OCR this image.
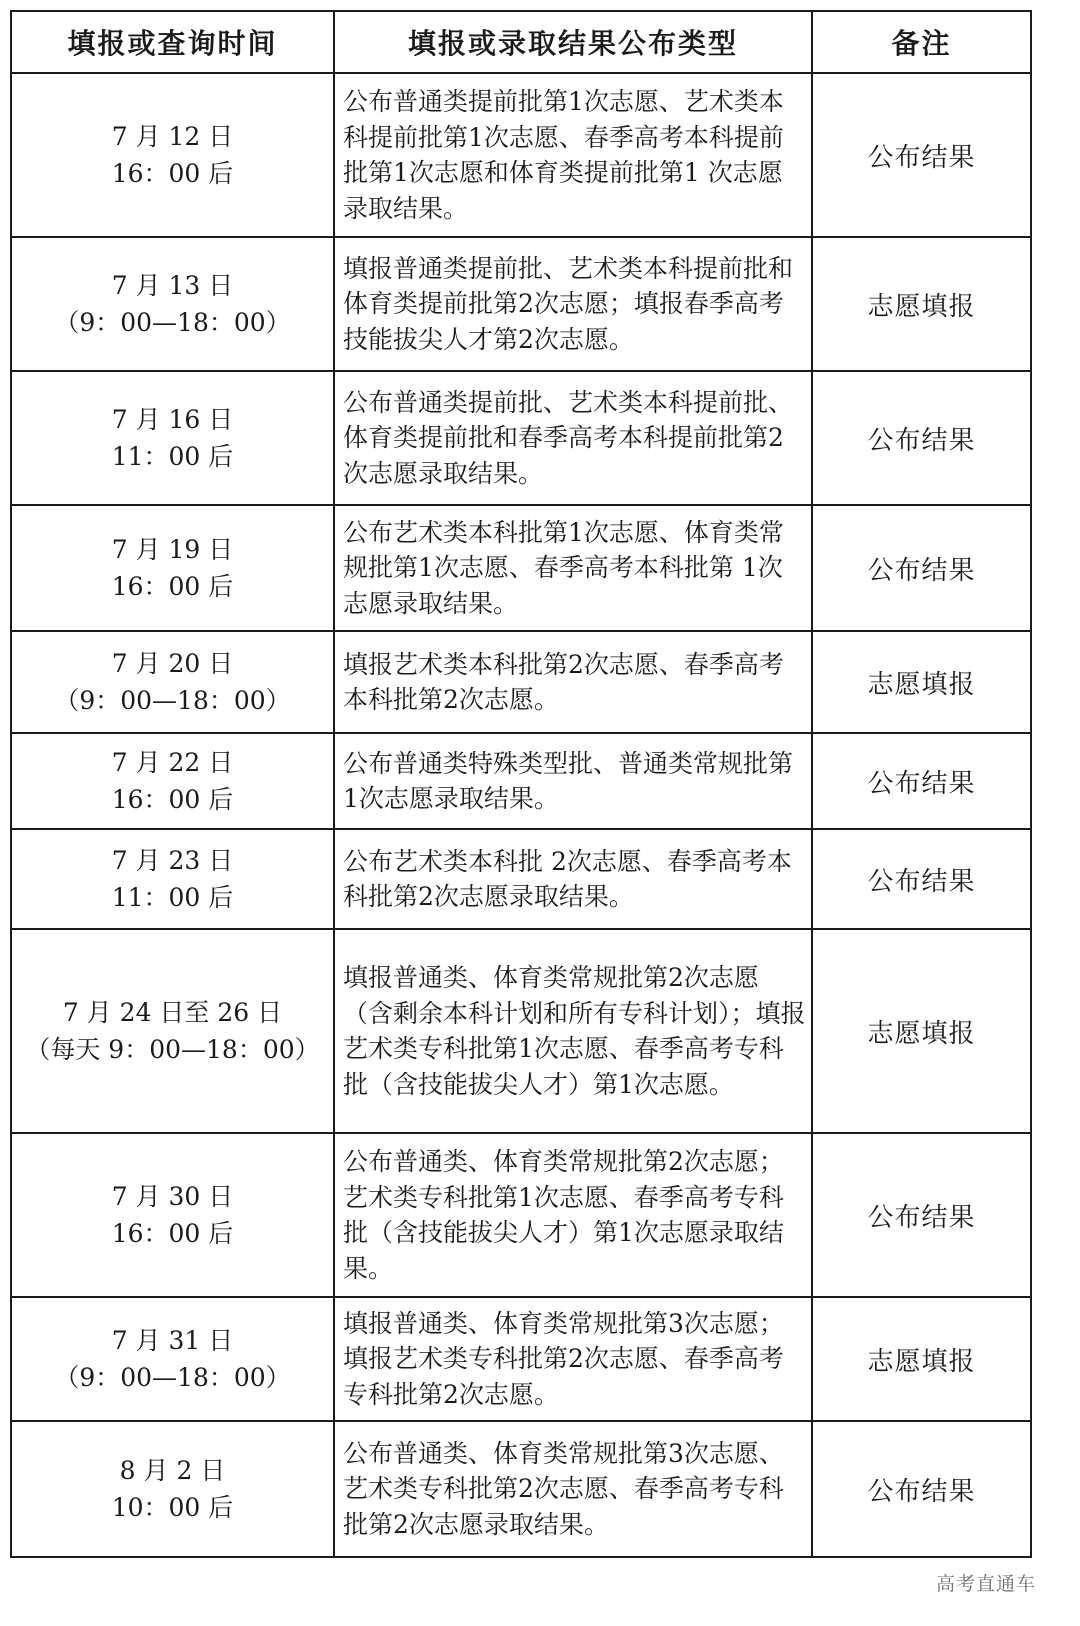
填报或查询时间	填报或录取结果公布类型	备注

7 月 12 日
16：00 后	公布普通类提前批第1次志愿、艺术类本科提前批第1次志愿、春季高考本科提前批第1次志愿和体育类提前批第1 次志愿录取结果。	公布结果

7 月 13 日
（9：00—18：00）	填报普通类提前批、艺术类本科提前批和体育类提前批第2次志愿；填报春季高考技能拔尖人才第2次志愿。	志愿填报

7 月 16 日
11：00 后	公布普通类提前批、艺术类本科提前批、体育类提前批和春季高考本科提前批第2次志愿录取结果。	公布结果

7 月 19 日
16：00 后	公布艺术类本科批第1次志愿、体育类常规批第1次志愿、春季高考本科批第 1次志愿录取结果。	公布结果

7 月 20 日
（9：00—18：00）	填报艺术类本科批第2次志愿、春季高考本科批第2次志愿。	志愿填报

7 月 22 日
16：00 后	公布普通类特殊类型批、普通类常规批第1次志愿录取结果。	公布结果

7 月 23 日
11：00 后	公布艺术类本科批 2次志愿、春季高考本科批第2次志愿录取结果。	公布结果

7 月 24 日至 26 日
（每天 9：00—18：00）	填报普通类、体育类常规批第2次志愿（含剩余本科计划和所有专科计划）；填报艺术类专科批第1次志愿、春季高考专科批（含技能拔尖人才）第1次志愿。	志愿填报

7 月 30 日
16：00 后	公布普通类、体育类常规批第2次志愿；艺术类专科批第1次志愿、春季高考专科批（含技能拔尖人才）第1次志愿录取结果。	公布结果

7 月 31 日
（9：00—18：00）	填报普通类、体育类常规批第3次志愿；填报艺术类专科批第2次志愿、春季高考专科批第2次志愿。	志愿填报

8 月 2 日
10：00 后	公布普通类、体育类常规批第3次志愿、艺术类专科批第2次志愿、春季高考专科批第2次志愿录取结果。	公布结果
高考直通车
